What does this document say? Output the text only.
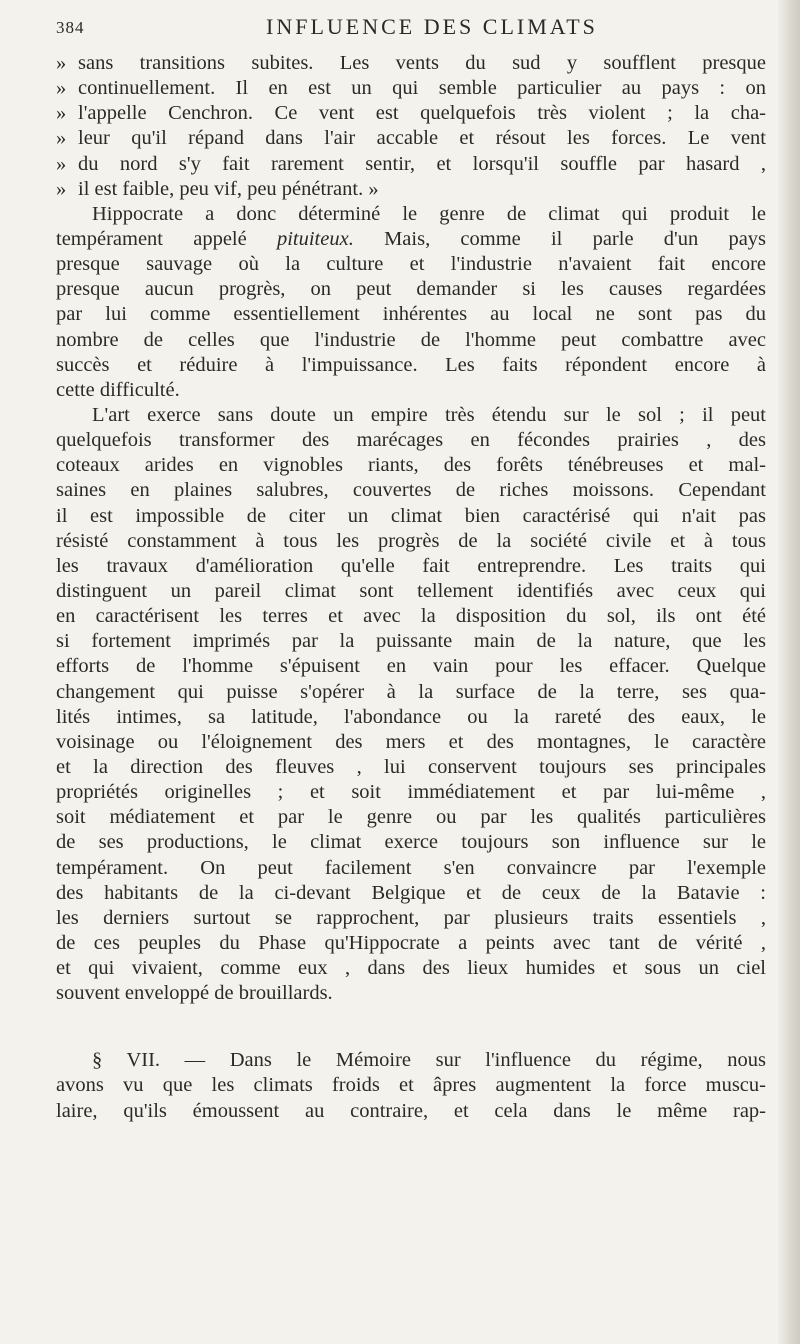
384	INFLUENCE DES CLIMATS
» sans transitions subites. Les vents du sud y soufflent presque
» continuellement. Il en est un qui semble particulier au pays : on
» l'appelle Cenchron. Ce vent est quelquefois très violent ; la cha-
» leur qu'il répand dans l'air accable et résout les forces. Le vent
» du nord s'y fait rarement sentir, et lorsqu'il souffle par hasard ,
» il est faible, peu vif, peu pénétrant. »
Hippocrate a donc déterminé le genre de climat qui produit le
tempérament appelé pituiteux. Mais, comme il parle d'un pays
presque sauvage où la culture et l'industrie n'avaient fait encore
presque aucun progrès, on peut demander si les causes regardées
par lui comme essentiellement inhérentes au local ne sont pas du
nombre de celles que l'industrie de l'homme peut combattre avec
succès et réduire à l'impuissance. Les faits répondent encore à
cette difficulté.
L'art exerce sans doute un empire très étendu sur le sol ; il peut
quelquefois transformer des marécages en fécondes prairies , des
coteaux arides en vignobles riants, des forêts ténébreuses et mal-
saines en plaines salubres, couvertes de riches moissons. Cependant
il est impossible de citer un climat bien caractérisé qui n'ait pas
résisté constamment à tous les progrès de la société civile et à tous
les travaux d'amélioration qu'elle fait entreprendre. Les traits qui
distinguent un pareil climat sont tellement identifiés avec ceux qui
en caractérisent les terres et avec la disposition du sol, ils ont été
si fortement imprimés par la puissante main de la nature, que les
efforts de l'homme s'épuisent en vain pour les effacer. Quelque
changement qui puisse s'opérer à la surface de la terre, ses qua-
lités intimes, sa latitude, l'abondance ou la rareté des eaux, le
voisinage ou l'éloignement des mers et des montagnes, le caractère
et la direction des fleuves , lui conservent toujours ses principales
propriétés originelles ; et soit immédiatement et par lui-même ,
soit médiatement et par le genre ou par les qualités particulières
de ses productions, le climat exerce toujours son influence sur le
tempérament. On peut facilement s'en convaincre par l'exemple
des habitants de la ci-devant Belgique et de ceux de la Batavie :
les derniers surtout se rapprochent, par plusieurs traits essentiels ,
de ces peuples du Phase qu'Hippocrate a peints avec tant de vérité ,
et qui vivaient, comme eux , dans des lieux humides et sous un ciel
souvent enveloppé de brouillards.
§ VII. — Dans le Mémoire sur l'influence du régime, nous
avons vu que les climats froids et âpres augmentent la force muscu-
laire, qu'ils émoussent au contraire, et cela dans le même rap-
